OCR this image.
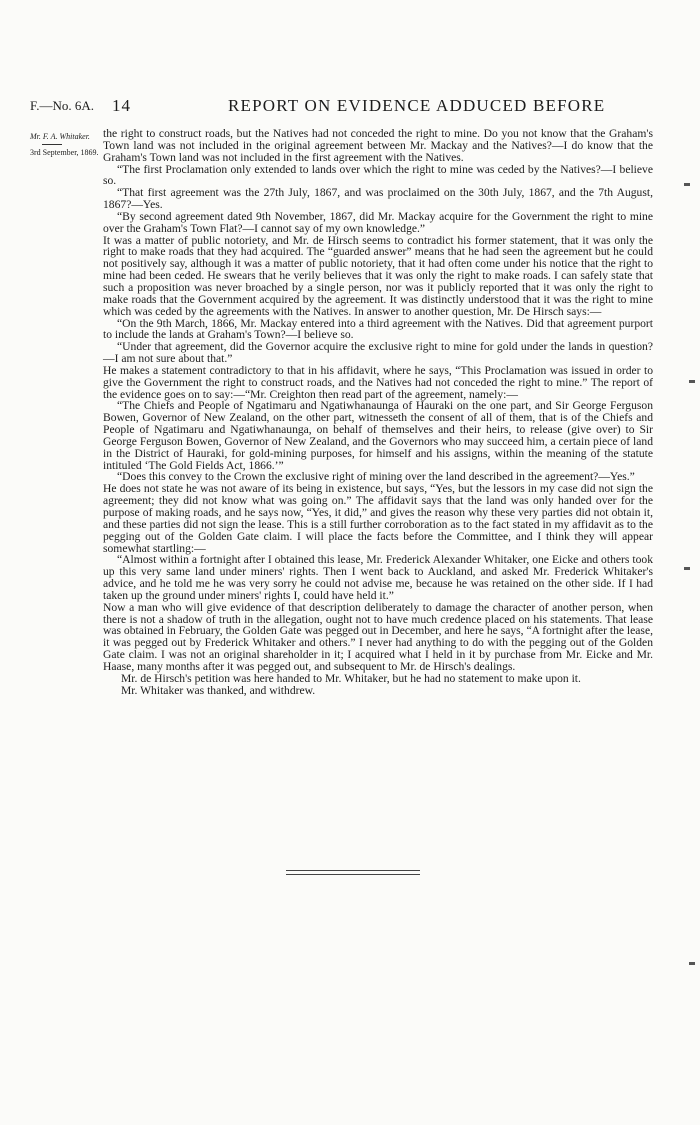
F.—No. 6A. 14	REPORT ON EVIDENCE ADDUCED BEFORE
Mr. F. A. Whitaker.
3rd September, 1869.

the right to construct roads, but the Natives had not conceded the right to mine. Do you not know that the Graham's Town land was not included in the original agreement between Mr. Mackay and the Natives?—I do know that the Graham's Town land was not included in the first agreement with the Natives.

“The first Proclamation only extended to lands over which the right to mine was ceded by the Natives?—I believe so.

“That first agreement was the 27th July, 1867, and was proclaimed on the 30th July, 1867, and the 7th August, 1867?—Yes.

“By second agreement dated 9th November, 1867, did Mr. Mackay acquire for the Government the right to mine over the Graham's Town Flat?—I cannot say of my own knowledge.”

It was a matter of public notoriety, and Mr. de Hirsch seems to contradict his former statement, that it was only the right to make roads that they had acquired. The “guarded answer” means that he had seen the agreement but he could not positively say, although it was a matter of public notoriety, that it had often come under his notice that the right to mine had been ceded. He swears that he verily believes that it was only the right to make roads. I can safely state that such a proposition was never broached by a single person, nor was it publicly reported that it was only the right to make roads that the Government acquired by the agreement. It was distinctly understood that it was the right to mine which was ceded by the agreements with the Natives. In answer to another question, Mr. De Hirsch says:—

“On the 9th March, 1866, Mr. Mackay entered into a third agreement with the Natives. Did that agreement purport to include the lands at Graham's Town?—I believe so.

“Under that agreement, did the Governor acquire the exclusive right to mine for gold under the lands in question?—I am not sure about that.”

He makes a statement contradictory to that in his affidavit, where he says, “This Proclamation was issued in order to give the Government the right to construct roads, and the Natives had not conceded the right to mine.” The report of the evidence goes on to say:—“Mr. Creighton then read part of the agreement, namely:—

“The Chiefs and People of Ngatimaru and Ngatiwhanaunga of Hauraki on the one part, and Sir George Ferguson Bowen, Governor of New Zealand, on the other part, witnesseth the consent of all of them, that is of the Chiefs and People of Ngatimaru and Ngatiwhanaunga, on behalf of themselves and their heirs, to release (give over) to Sir George Ferguson Bowen, Governor of New Zealand, and the Governors who may succeed him, a certain piece of land in the District of Hauraki, for gold-mining purposes, for himself and his assigns, within the meaning of the statute intituled ‘The Gold Fields Act, 1866.’”

“Does this convey to the Crown the exclusive right of mining over the land described in the agreement?—Yes.”

He does not state he was not aware of its being in existence, but says, “Yes, but the lessors in my case did not sign the agreement; they did not know what was going on.” The affidavit says that the land was only handed over for the purpose of making roads, and he says now, “Yes, it did,” and gives the reason why these very parties did not obtain it, and these parties did not sign the lease. This is a still further corroboration as to the fact stated in my affidavit as to the pegging out of the Golden Gate claim. I will place the facts before the Committee, and I think they will appear somewhat startling:—

“Almost within a fortnight after I obtained this lease, Mr. Frederick Alexander Whitaker, one Eicke and others took up this very same land under miners' rights. Then I went back to Auckland, and asked Mr. Frederick Whitaker's advice, and he told me he was very sorry he could not advise me, because he was retained on the other side. If I had taken up the ground under miners' rights I, could have held it.”

Now a man who will give evidence of that description deliberately to damage the character of another person, when there is not a shadow of truth in the allegation, ought not to have much credence placed on his statements. That lease was obtained in February, the Golden Gate was pegged out in December, and here he says, “A fortnight after the lease, it was pegged out by Frederick Whitaker and others.” I never had anything to do with the pegging out of the Golden Gate claim. I was not an original shareholder in it; I acquired what I held in it by purchase from Mr. Eicke and Mr. Haase, many months after it was pegged out, and subsequent to Mr. de Hirsch's dealings.

Mr. de Hirsch's petition was here handed to Mr. Whitaker, but he had no statement to make upon it.

Mr. Whitaker was thanked, and withdrew.
